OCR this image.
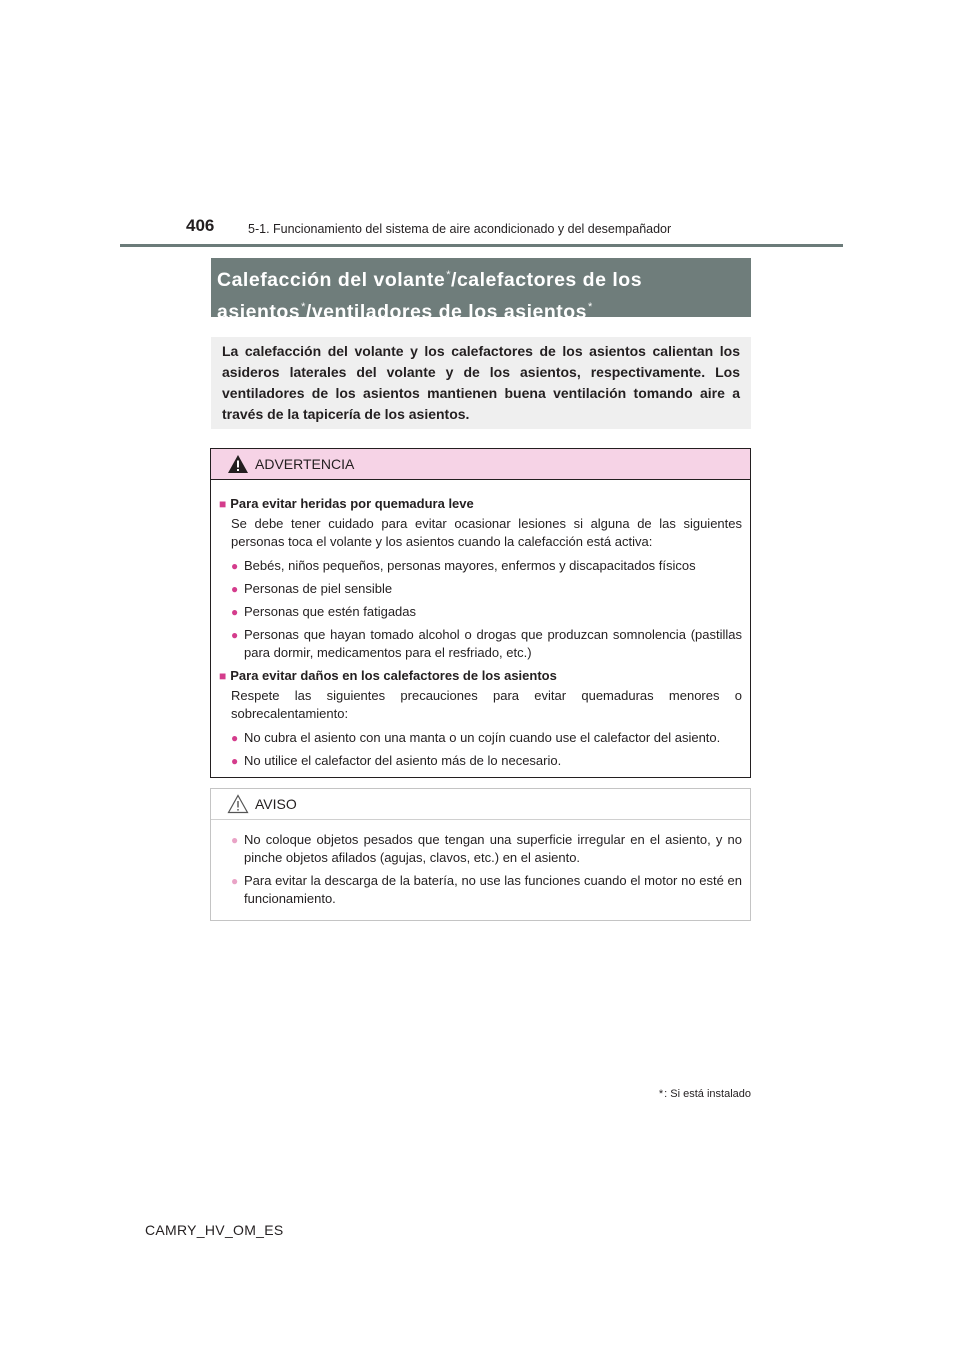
406	5-1. Funcionamiento del sistema de aire acondicionado y del desempañador
Calefacción del volante*/calefactores de los
asientos*/ventiladores de los asientos*
La calefacción del volante y los calefactores de los asientos calientan los asideros laterales del volante y de los asientos, respectivamente. Los ventiladores de los asientos mantienen buena ventilación tomando aire a través de la tapicería de los asientos.
ADVERTENCIA
■ Para evitar heridas por quemadura leve
Se debe tener cuidado para evitar ocasionar lesiones si alguna de las siguientes personas toca el volante y los asientos cuando la calefacción está activa:
● Bebés, niños pequeños, personas mayores, enfermos y discapacitados físicos
● Personas de piel sensible
● Personas que estén fatigadas
● Personas que hayan tomado alcohol o drogas que produzcan somnolencia (pastillas para dormir, medicamentos para el resfriado, etc.)
■ Para evitar daños en los calefactores de los asientos
Respete las siguientes precauciones para evitar quemaduras menores o sobrecalentamiento:
● No cubra el asiento con una manta o un cojín cuando use el calefactor del asiento.
● No utilice el calefactor del asiento más de lo necesario.
AVISO
● No coloque objetos pesados que tengan una superficie irregular en el asiento, y no pinche objetos afilados (agujas, clavos, etc.) en el asiento.
● Para evitar la descarga de la batería, no use las funciones cuando el motor no esté en funcionamiento.
*: Si está instalado
CAMRY_HV_OM_ES
